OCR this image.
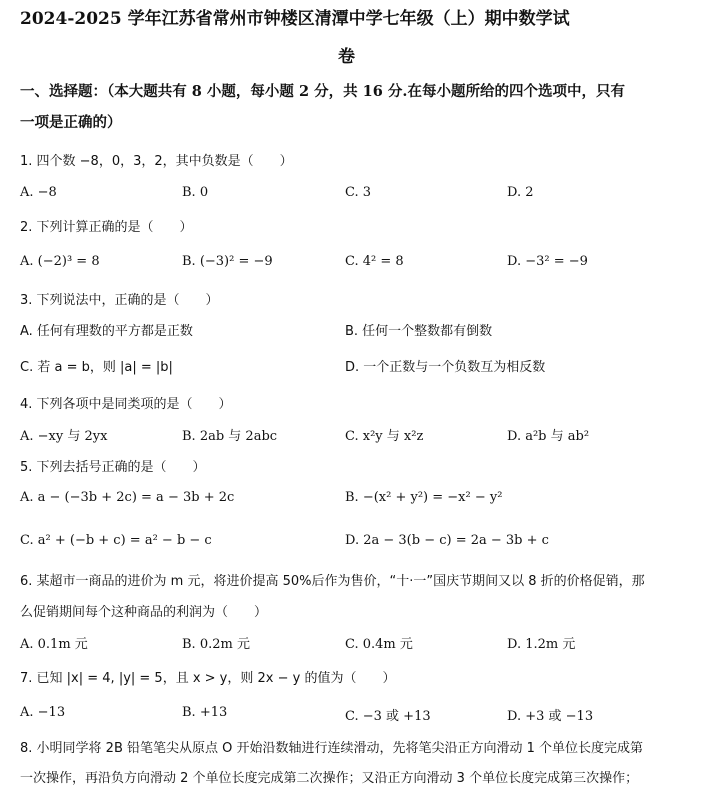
2024-2025 学年江苏省常州市钟楼区清潭中学七年级（上）期中数学试
卷
一、选择题：（本大题共有 8 小题，每小题 2 分，共 16 分.在每小题所给的四个选项中，只有
一项是正确的）
1. 四个数 −8，0，3，2，其中负数是（　　）
A. −8	B. 0	C. 3	D. 2
2. 下列计算正确的是（　　）
A. (−2)³ = 8	B. (−3)² = −9	C. 4² = 8	D. −3² = −9
3. 下列说法中，正确的是（　　）
A. 任何有理数的平方都是正数	B. 任何一个整数都有倒数
C. 若 a = b，则 |a| = |b|	D. 一个正数与一个负数互为相反数
4. 下列各项中是同类项的是（　　）
A. −xy 与 2yx	B. 2ab 与 2abc	C. x²y 与 x²z	D. a²b 与 ab²
5. 下列去括号正确的是（　　）
A. a − (−3b + 2c) = a − 3b + 2c	B. −(x² + y²) = −x² − y²
C. a² + (−b + c) = a² − b − c	D. 2a − 3(b − c) = 2a − 3b + c
6. 某超市一商品的进价为 m 元，将进价提高 50%后作为售价，“十·一”国庆节期间又以 8 折的价格促销，那
么促销期间每个这种商品的利润为（　　）
A. 0.1m 元	B. 0.2m 元	C. 0.4m 元	D. 1.2m 元
7. 已知 |x| = 4, |y| = 5，且 x > y，则 2x − y 的值为（　　）
A. −13	B. +13	C. −3 或 +13	D. +3 或 −13
8. 小明同学将 2B 铅笔笔尖从原点 O 开始沿数轴进行连续滑动，先将笔尖沿正方向滑动 1 个单位长度完成第
一次操作，再沿负方向滑动 2 个单位长度完成第二次操作；又沿正方向滑动 3 个单位长度完成第三次操作；
